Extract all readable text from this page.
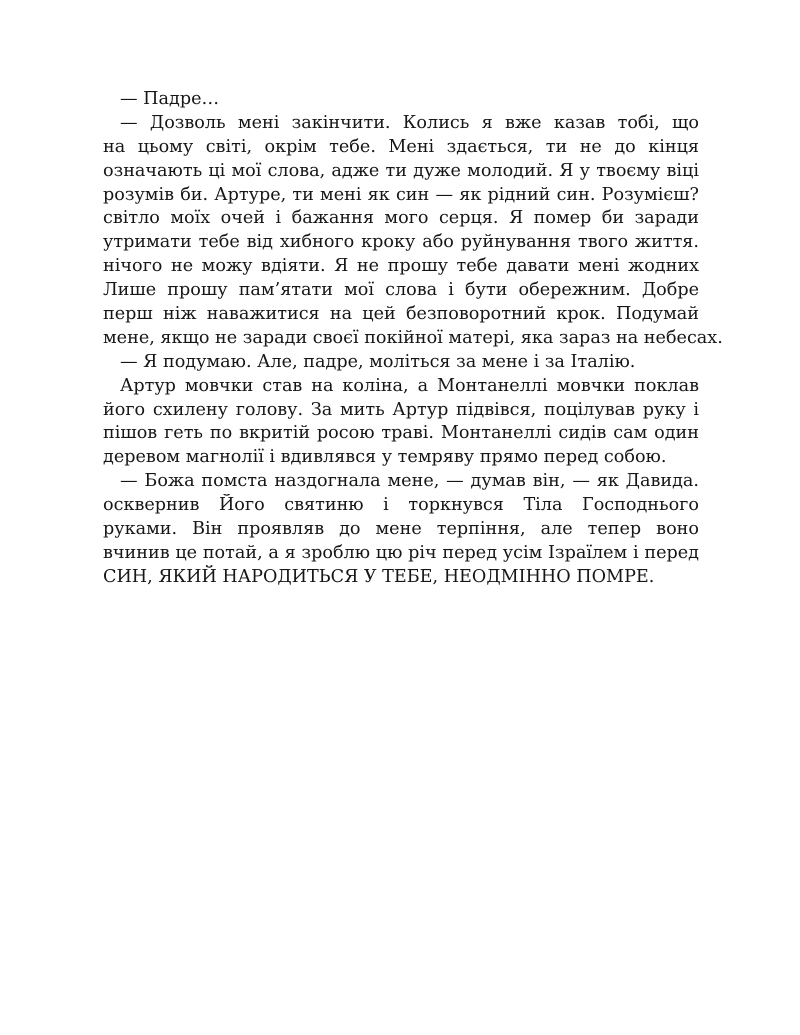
— Падре…
— Дозволь мені закінчити. Колись я вже казав тобі, що
на цьому світі, окрім тебе. Мені здається, ти не до кінця
означають ці мої слова, адже ти дуже молодий. Я у твоєму віці
розумів би. Артуре, ти мені як син — як рідний син. Розумієш?
світло моїх очей і бажання мого серця. Я помер би заради
утримати тебе від хибного кроку або руйнування твого життя.
нічого не можу вдіяти. Я не прошу тебе давати мені жодних
Лише прошу пам’ятати мої слова і бути обережним. Добре
перш ніж наважитися на цей безповоротний крок. Подумай
мене, якщо не заради своєї покійної матері, яка зараз на небесах.
— Я подумаю. Але, падре, моліться за мене і за Італію.
Артур мовчки став на коліна, а Монтанеллі мовчки поклав
його схилену голову. За мить Артур підвівся, поцілував руку і
пішов геть по вкритій росою траві. Монтанеллі сидів сам один
деревом магнолії і вдивлявся у темряву прямо перед собою.
— Божа помста наздогнала мене, — думав він, — як Давида.
осквернив Його святиню і торкнувся Тіла Господнього
руками. Він проявляв до мене терпіння, але тепер воно
вчинив це потай, а я зроблю цю річ перед усім Ізраїлем і перед
СИН, ЯКИЙ НАРОДИТЬСЯ У ТЕБЕ, НЕОДМІННО ПОМРЕ.
